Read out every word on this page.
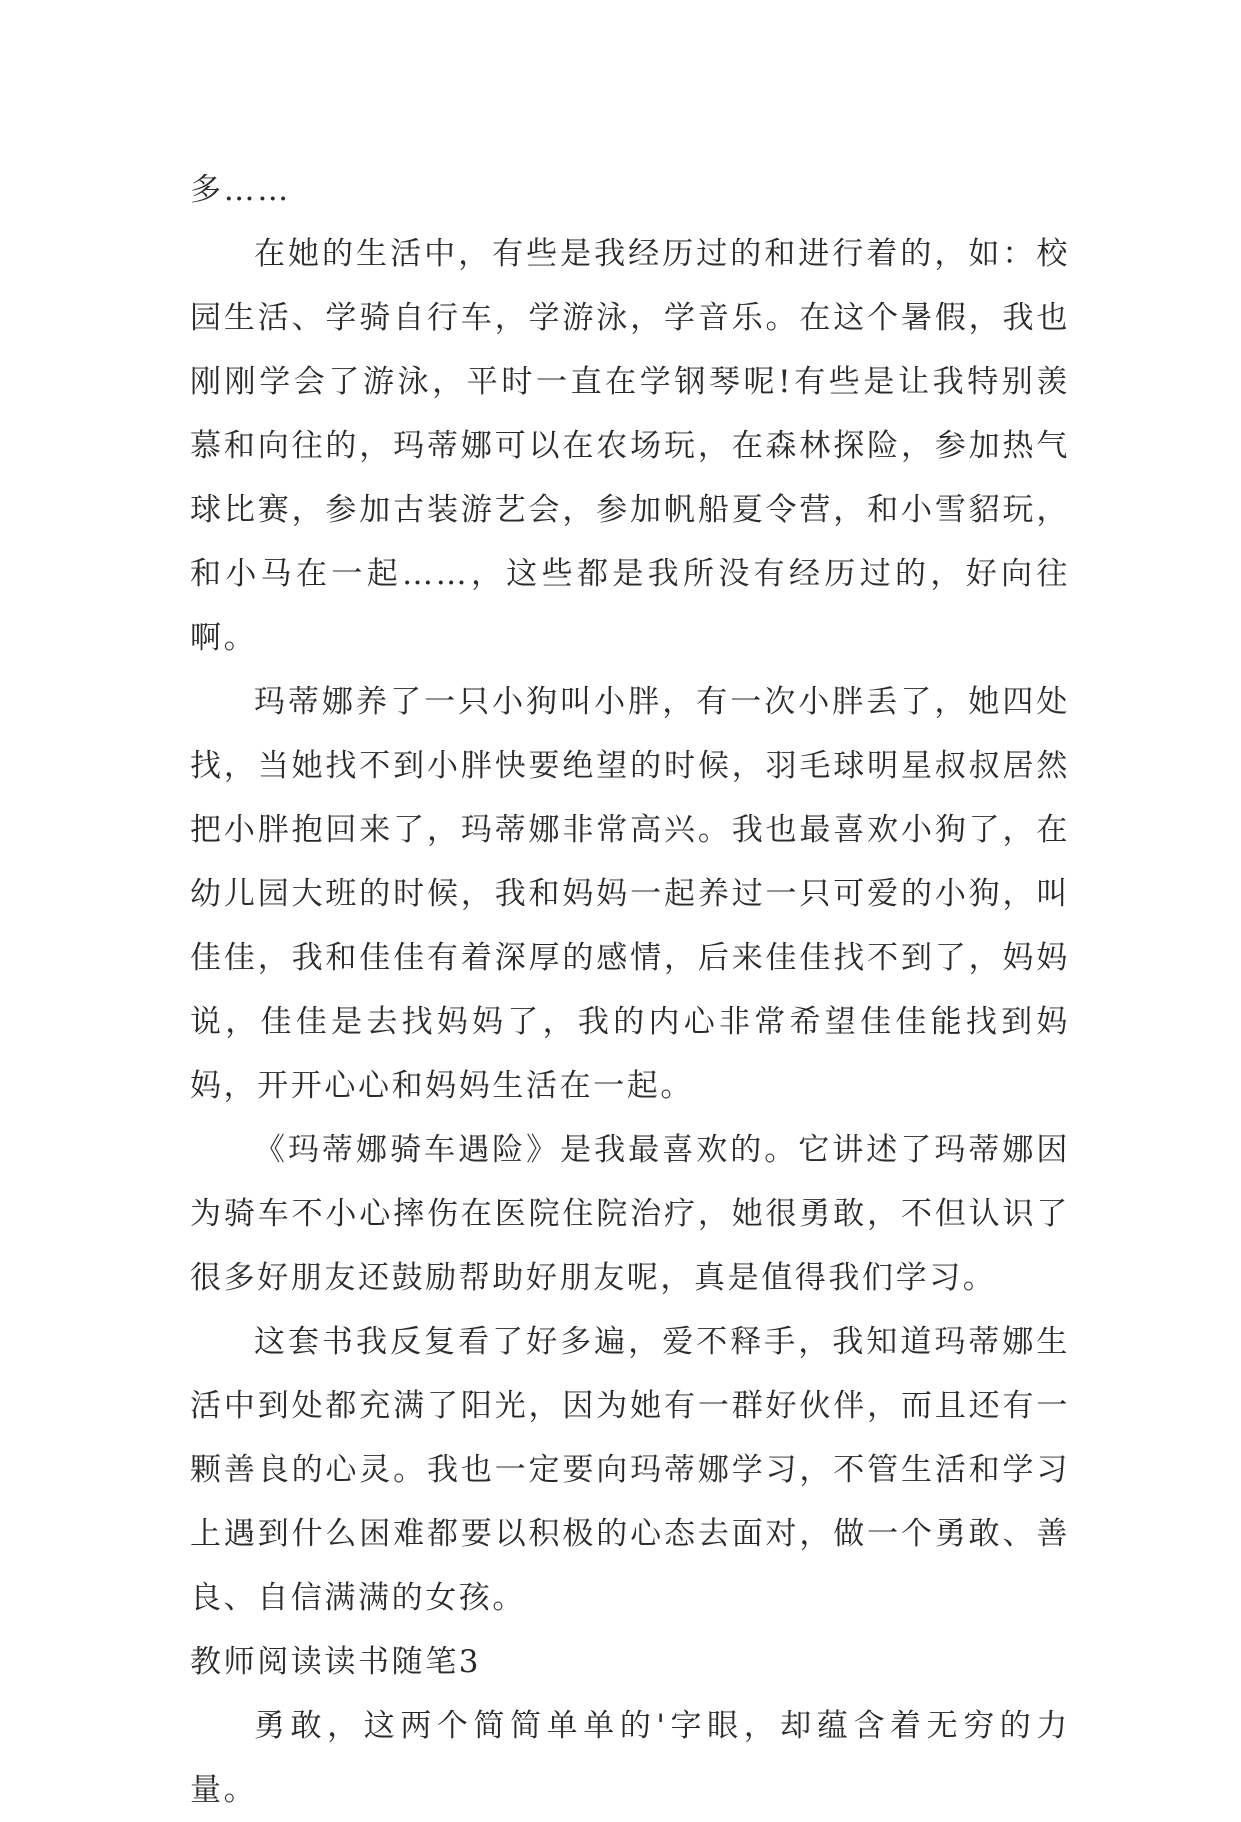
多……

在她的生活中，有些是我经历过的和进行着的，如：校园生活、学骑自行车，学游泳，学音乐。在这个暑假，我也刚刚学会了游泳，平时一直在学钢琴呢!有些是让我特别羡慕和向往的，玛蒂娜可以在农场玩，在森林探险，参加热气球比赛，参加古装游艺会，参加帆船夏令营，和小雪貂玩，和小马在一起……，这些都是我所没有经历过的，好向往啊。

玛蒂娜养了一只小狗叫小胖，有一次小胖丢了，她四处找，当她找不到小胖快要绝望的时候，羽毛球明星叔叔居然把小胖抱回来了，玛蒂娜非常高兴。我也最喜欢小狗了，在幼儿园大班的时候，我和妈妈一起养过一只可爱的小狗，叫佳佳，我和佳佳有着深厚的感情，后来佳佳找不到了，妈妈说，佳佳是去找妈妈了，我的内心非常希望佳佳能找到妈妈，开开心心和妈妈生活在一起。

《玛蒂娜骑车遇险》是我最喜欢的。它讲述了玛蒂娜因为骑车不小心摔伤在医院住院治疗，她很勇敢，不但认识了很多好朋友还鼓励帮助好朋友呢，真是值得我们学习。

这套书我反复看了好多遍，爱不释手，我知道玛蒂娜生活中到处都充满了阳光，因为她有一群好伙伴，而且还有一颗善良的心灵。我也一定要向玛蒂娜学习，不管生活和学习上遇到什么困难都要以积极的心态去面对，做一个勇敢、善良、自信满满的女孩。

教师阅读读书随笔3

勇敢，这两个简简单单的'字眼，却蕴含着无穷的力量。
